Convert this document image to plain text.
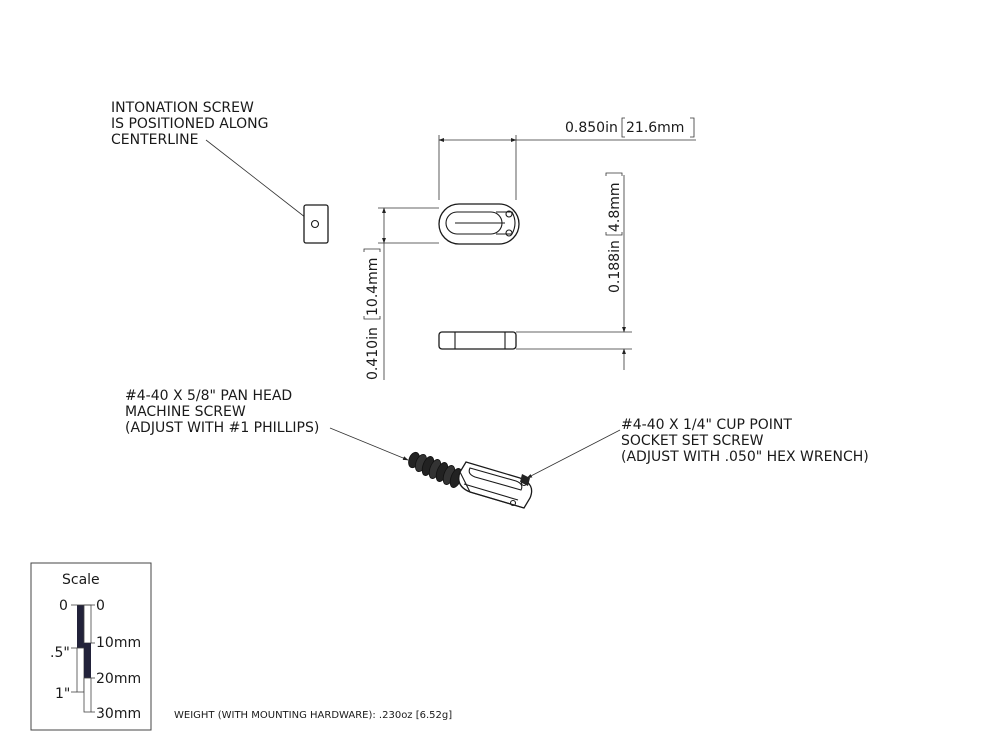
INTONATION SCREW
IS POSITIONED ALONG
CENTERLINE
0.850in 21.6mm
0.410in
10.4mm	0.188in
4.8mm
#4-40 X 5/8" PAN HEAD
MACHINE SCREW
(ADJUST WITH #1 PHILLIPS)	#4-40 X 1/4" CUP POINT
SOCKET SET SCREW
(ADJUST WITH .050" HEX WRENCH)
Scale
0
.5"
1"
0
10mm
20mm
30mm	WEIGHT (WITH MOUNTING HARDWARE): .230oz [6.52g]
